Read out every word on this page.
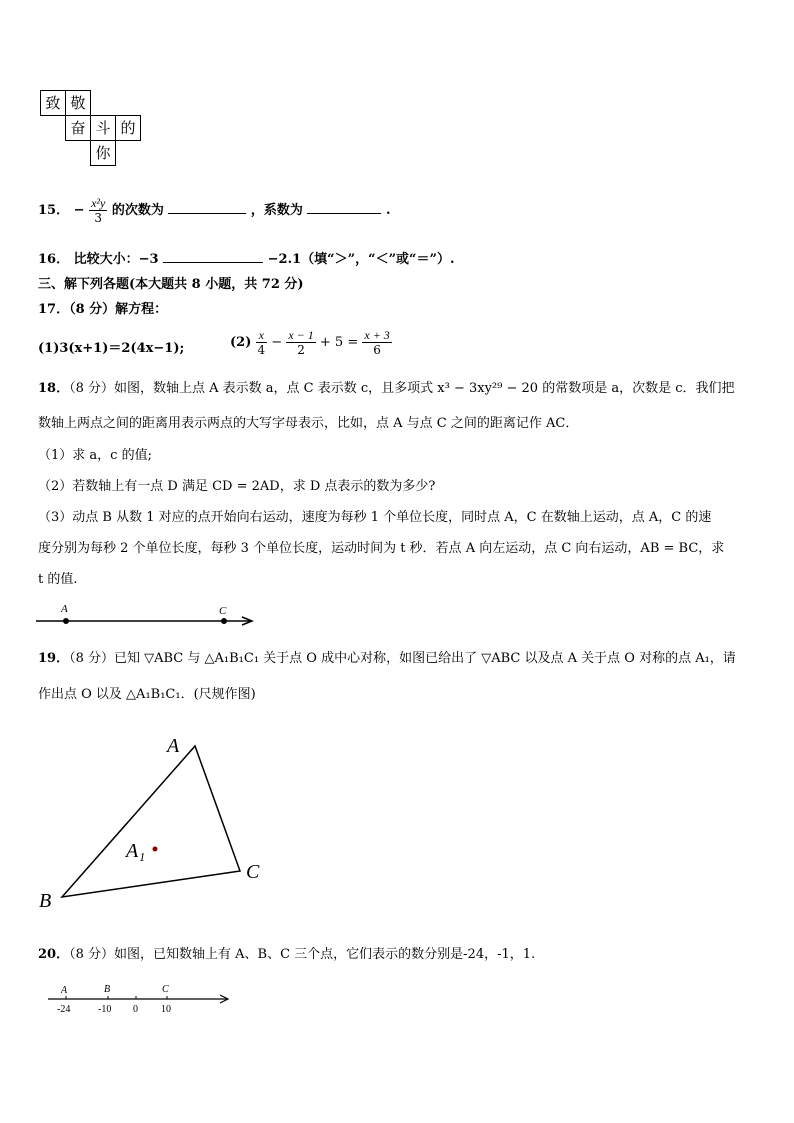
致 敬
奋 斗 的
你
15． − $\frac{\text{x²y}}{3}$ 的次数为	，系数为	.
16． 比较大小：−3	−2.1（填“＞”，“＜”或“＝”）.
三、解下列各题(本大题共 8 小题，共 72 分)
17．（8 分）解方程：
(1)3(x+1)＝2(4x−1);	$(2) \frac{x}{4} - \frac{x - 1}{2} + 5 = \frac{x + 3}{6}$
18．（8 分）如图，数轴上点 A 表示数 a，点 C 表示数 c，且多项式 x³ − 3xy²⁹ − 20 的常数项是 a，次数是 c．我们把
数轴上两点之间的距离用表示两点的大写字母表示，比如，点 A 与点 C 之间的距离记作 AC．
（1）求 a，c 的值;
（2）若数轴上有一点 D 满足 CD = 2AD，求 D 点表示的数为多少?
（3）动点 B 从数 1 对应的点开始向右运动，速度为每秒 1 个单位长度，同时点 A，C 在数轴上运动，点 A，C 的速
度分别为每秒 2 个单位长度，每秒 3 个单位长度，运动时间为 t 秒．若点 A 向左运动，点 C 向右运动，AB = BC，求
t 的值.
A	C
19．（8 分）已知 ▽ABC 与 △A₁B₁C₁ 关于点 O 成中心对称，如图已给出了 ▽ABC 以及点 A 关于点 O 对称的点 A₁，请
作出点 O 以及 △A₁B₁C₁．(尺规作图)
A
B
C
A₁
20．（8 分）如图，已知数轴上有 A、B、C 三个点，它们表示的数分别是-24，-1，1.
A	B	C
-24	-10 0 10
